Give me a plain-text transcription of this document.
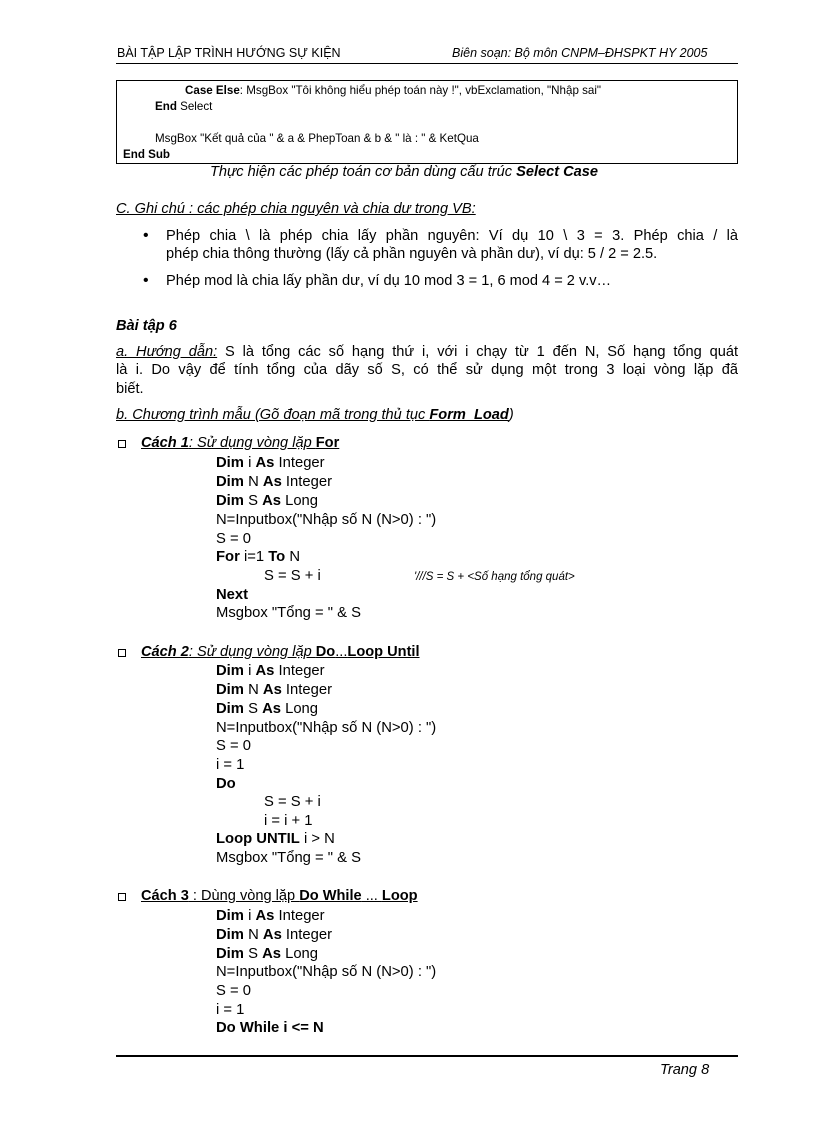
BÀI TẬP LẬP TRÌNH HƯỚNG SỰ KIỆN	Biên soạn: Bộ môn CNPM–ĐHSPKT HY 2005
Case Else: MsgBox "Tôi không hiểu phép toán này !", vbExclamation, "Nhập sai"
End Select
MsgBox "Kết quả của " & a & PhepToan & b & " là : " & KetQua
End Sub
Thực hiện các phép toán cơ bản dùng cấu trúc Select Case
C. Ghi chú : các phép chia nguyên và chia dư trong VB:
• Phép chia \ là phép chia lấy phần nguyên: Ví dụ 10 \ 3 = 3. Phép chia / là
phép chia thông thường (lấy cả phần nguyên và phần dư), ví dụ: 5 / 2 = 2.5.
• Phép mod là chia lấy phần dư, ví dụ 10 mod 3 = 1, 6 mod 4 = 2 v.v…
Bài tập 6
a. Hướng dẫn: S là tổng các số hạng thứ i, với i chạy từ 1 đến N, Số hạng tổng quát
là i. Do vậy để tính tổng của dãy số S, có thể sử dụng một trong 3 loại vòng lặp đã
biết.
b. Chương trình mẫu (Gõ đoạn mã trong thủ tục Form_Load)
Cách 1: Sử dụng vòng lặp For
Dim i As Integer
Dim N As Integer
Dim S As Long
N=Inputbox("Nhập số N (N>0) : ")
S = 0
For i=1 To N
S = S + i	'///S = S + <Số hạng tổng quát>
Next
Msgbox "Tổng = " & S
Cách 2: Sử dụng vòng lặp Do...Loop Until
Dim i As Integer
Dim N As Integer
Dim S As Long
N=Inputbox("Nhập số N (N>0) : ")
S = 0
i = 1
Do
S = S + i
i = i + 1
Loop UNTIL i > N
Msgbox "Tổng = " & S
Cách 3 : Dùng vòng lặp Do While ... Loop
Dim i As Integer
Dim N As Integer
Dim S As Long
N=Inputbox("Nhập số N (N>0) : ")
S = 0
i = 1
Do While i <= N
Trang 8
